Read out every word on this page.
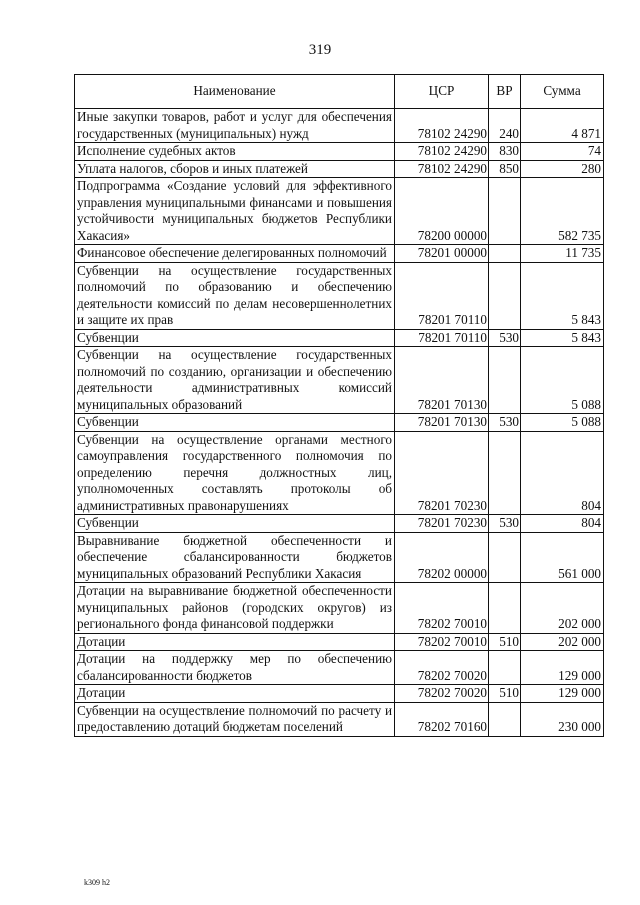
319
Наименование	ЦСР	ВР	Сумма
Иные закупки товаров, работ и услуг для обеспечения государственных (муниципальных) нужд	78102 24290	240	4 871
Исполнение судебных актов	78102 24290	830	74
Уплата налогов, сборов и иных платежей	78102 24290	850	280
Подпрограмма «Создание условий для эффективного управления муниципальными финансами и повышения устойчивости муниципальных бюджетов Республики Хакасия»	78200 00000		582 735
Финансовое обеспечение делегированных полномочий	78201 00000		11 735
Субвенции на осуществление государственных полномочий по образованию и обеспечению деятельности комиссий по делам несовершеннолетних и защите их прав	78201 70110		5 843
Субвенции	78201 70110	530	5 843
Субвенции на осуществление государственных полномочий по созданию, организации и обеспечению деятельности административных комиссий муниципальных образований	78201 70130		5 088
Субвенции	78201 70130	530	5 088
Субвенции на осуществление органами местного самоуправления государственного полномочия по определению перечня должностных лиц, уполномоченных составлять протоколы об административных правонарушениях	78201 70230		804
Субвенции	78201 70230	530	804
Выравнивание бюджетной обеспеченности и обеспечение сбалансированности бюджетов муниципальных образований Республики Хакасия	78202 00000		561 000
Дотации на выравнивание бюджетной обеспеченности муниципальных районов (городских округов) из регионального фонда финансовой поддержки	78202 70010		202 000
Дотации	78202 70010	510	202 000
Дотации на поддержку мер по обеспечению сбалансированности бюджетов	78202 70020		129 000
Дотации	78202 70020	510	129 000
Субвенции на осуществление полномочий по расчету и предоставлению дотаций бюджетам поселений	78202 70160		230 000
k309 h2
